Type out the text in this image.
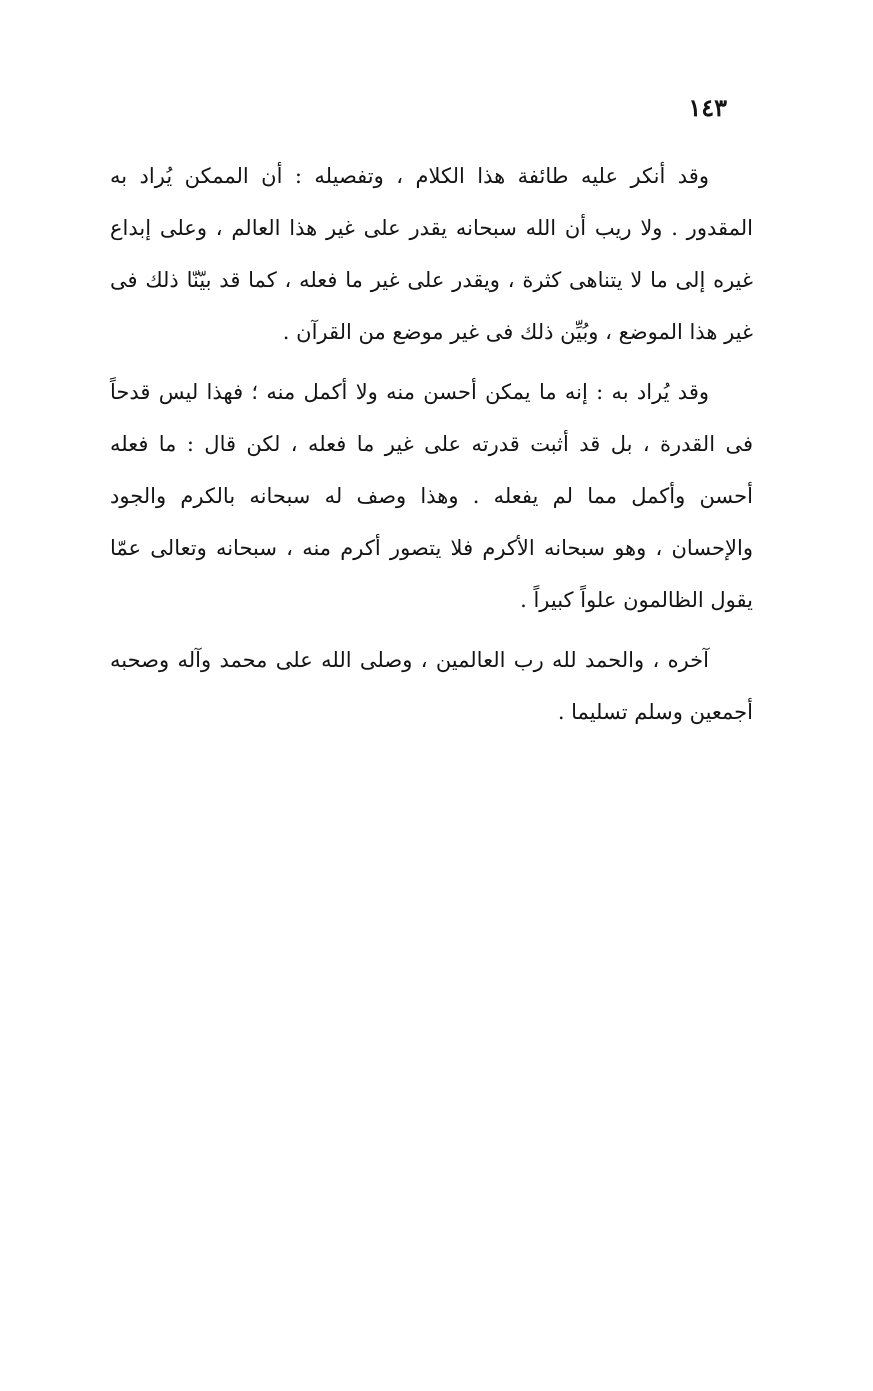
١٤٣

وقد أنكر عليه طائفة هذا الكلام ، وتفصيله : أن الممكن يُراد به المقدور . ولا ريب أن الله سبحانه يقدر على غير هذا العالم ، وعلى إبداع غيره إلى ما لا يتناهى كثرة ، ويقدر على غير ما فعله ، كما قد بيّنّا ذلك فى غير هذا الموضع ، وبُيِّن ذلك فى غير موضع من القرآن .

وقد يُراد به : إنه ما يمكن أحسن منه ولا أكمل منه ؛ فهذا ليس قدحاً فى القدرة ، بل قد أثبت قدرته على غير ما فعله ، لكن قال : ما فعله أحسن وأكمل مما لم يفعله . وهذا وصف له سبحانه بالكرم والجود والإحسان ، وهو سبحانه الأكرم فلا يتصور أكرم منه ، سبحانه وتعالى عمّا يقول الظالمون علواً كبيراً .

آخره ، والحمد لله رب العالمين ، وصلى الله على محمد وآله وصحبه أجمعين وسلم تسليما .
